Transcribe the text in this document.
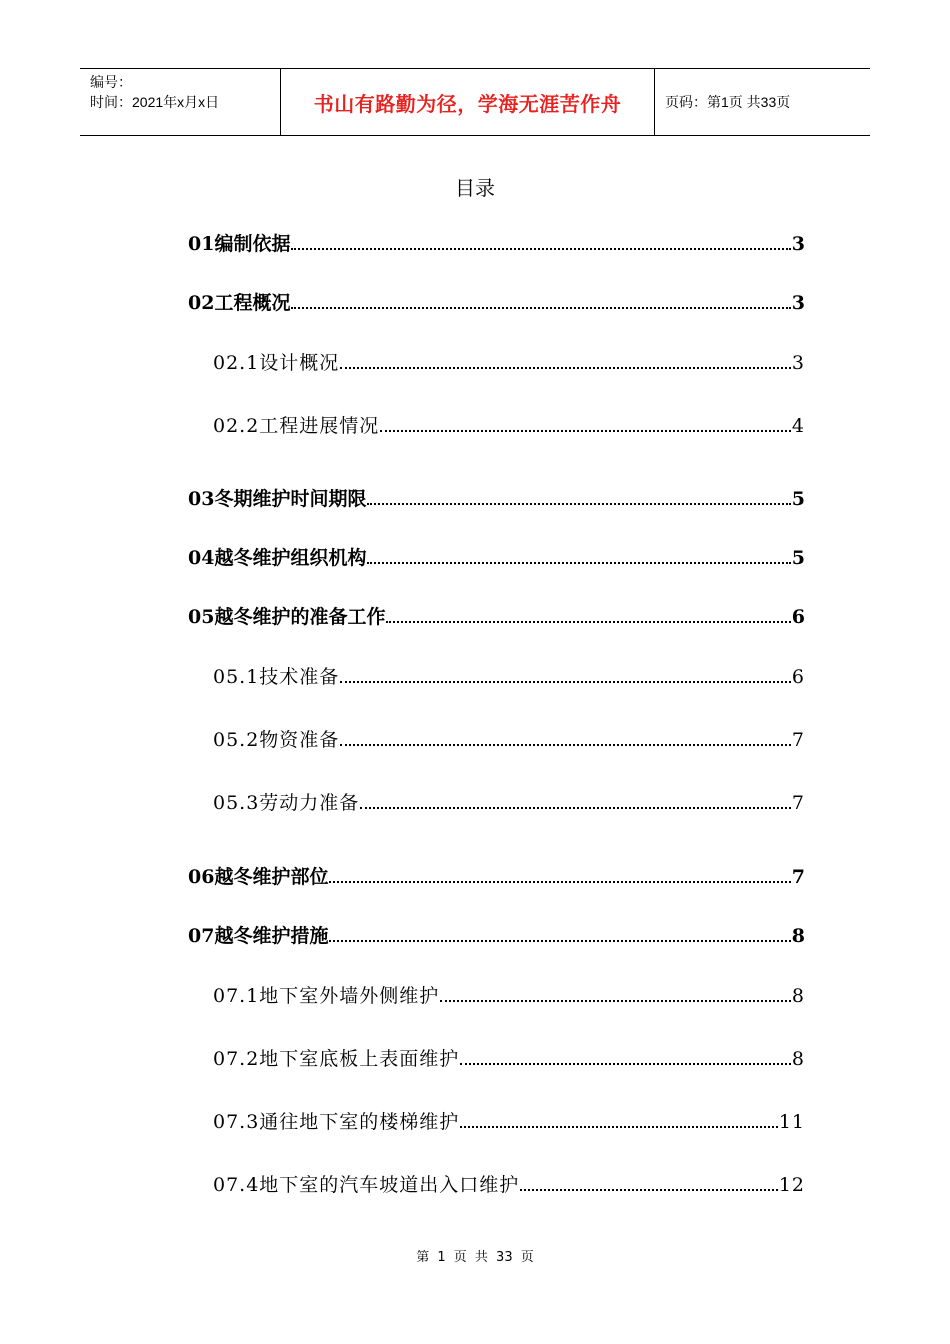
编号：
时间：2021年x月x日	书山有路勤为径，学海无涯苦作舟	页码：第1页 共33页
目录
01编制依据	3
02工程概况	3
02.1设计概况	3
02.2工程进展情况	4
03冬期维护时间期限	5
04越冬维护组织机构	5
05越冬维护的准备工作	6
05.1技术准备	6
05.2物资准备	7
05.3劳动力准备	7
06越冬维护部位	7
07越冬维护措施	8
07.1地下室外墙外侧维护	8
07.2地下室底板上表面维护	8
07.3通往地下室的楼梯维护	11
07.4地下室的汽车坡道出入口维护	12
第 1 页 共 33 页
